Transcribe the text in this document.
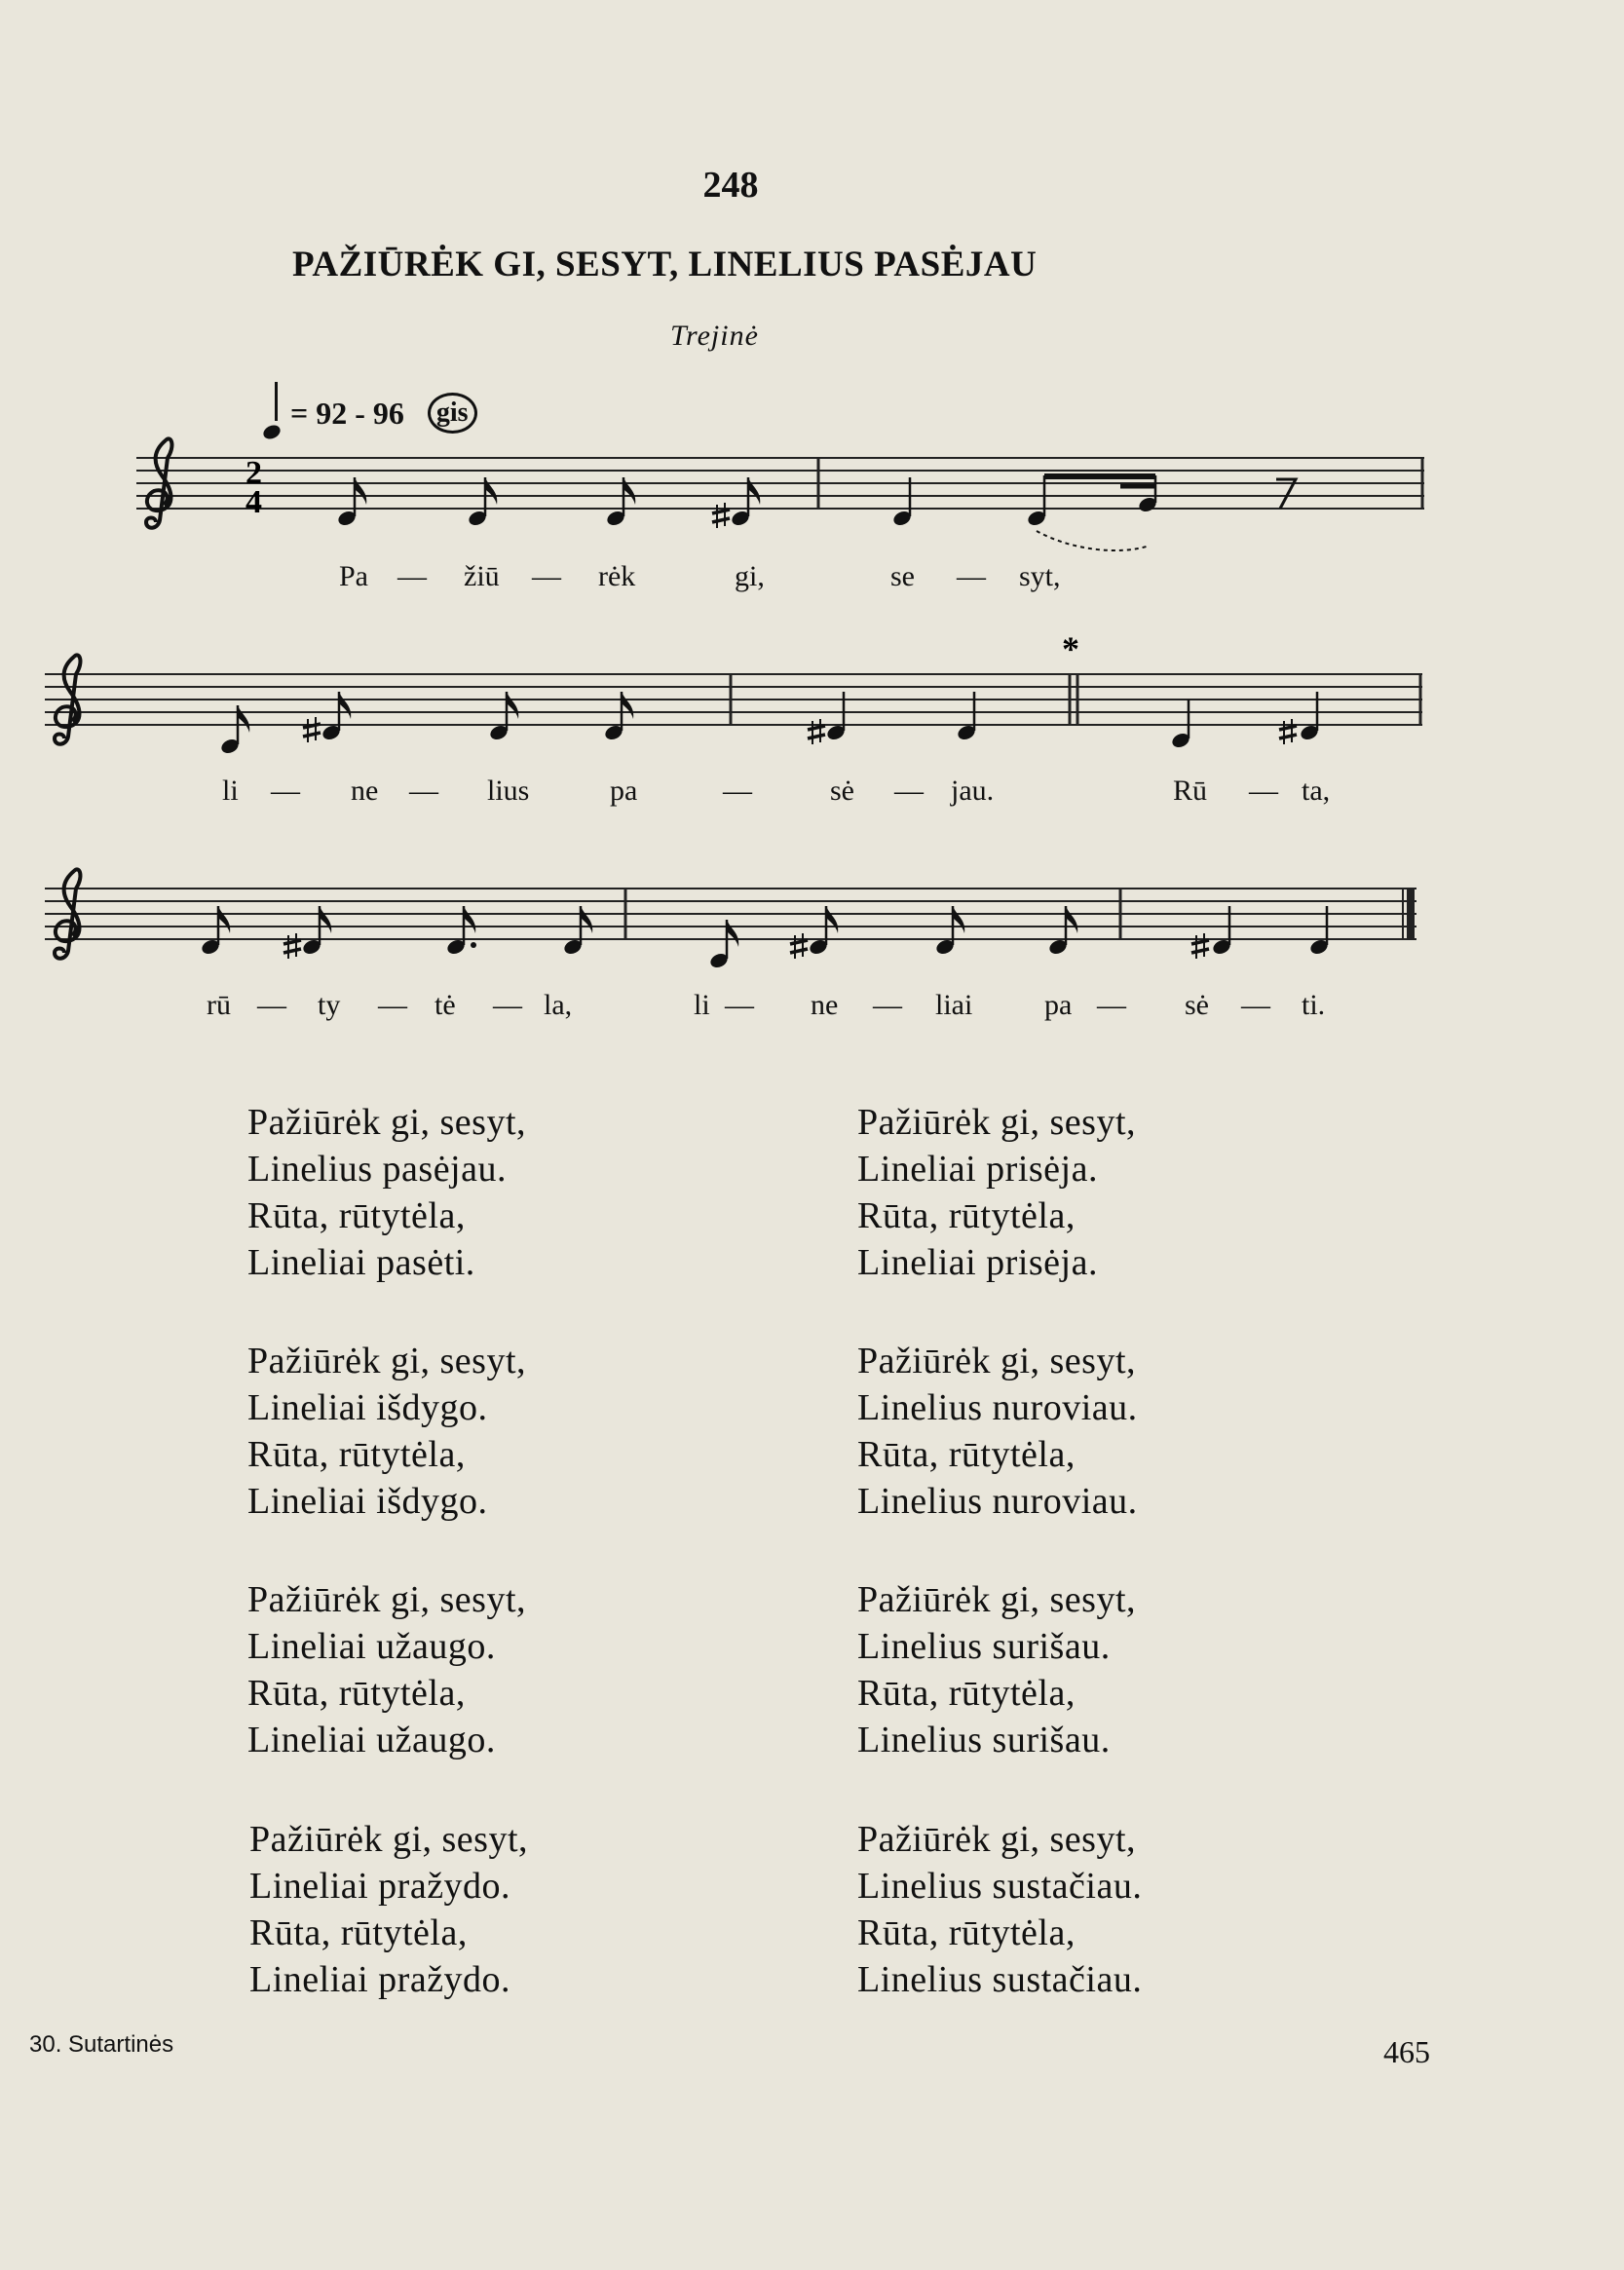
248
PAŽIŪRĖK GI, SESYT, LINELIUS PASĖJAU
Trejinė
= 92 - 96	gis
2
4
*
Pa — žiū — rėk	gi,	se — syt,
li — ne — lius	pa	—	sė — jau.	Rū — ta,
rū — ty — tė — la,	li — ne — liai pa — sė — ti.
Pažiūrėk gi, sesyt,
Linelius pasėjau.
Rūta, rūtytėla,
Lineliai pasėti.
Pažiūrėk gi, sesyt,
Lineliai išdygo.
Rūta, rūtytėla,
Lineliai išdygo.
Pažiūrėk gi, sesyt,
Lineliai užaugo.
Rūta, rūtytėla,
Lineliai užaugo.
Pažiūrėk gi, sesyt,
Lineliai pražydo.
Rūta, rūtytėla,
Lineliai pražydo.
Pažiūrėk gi, sesyt,
Lineliai prisėja.
Rūta, rūtytėla,
Lineliai prisėja.
Pažiūrėk gi, sesyt,
Linelius nuroviau.
Rūta, rūtytėla,
Linelius nuroviau.
Pažiūrėk gi, sesyt,
Linelius surišau.
Rūta, rūtytėla,
Linelius surišau.
Pažiūrėk gi, sesyt,
Linelius sustačiau.
Rūta, rūtytėla,
Linelius sustačiau.
30. Sutartinės	465
